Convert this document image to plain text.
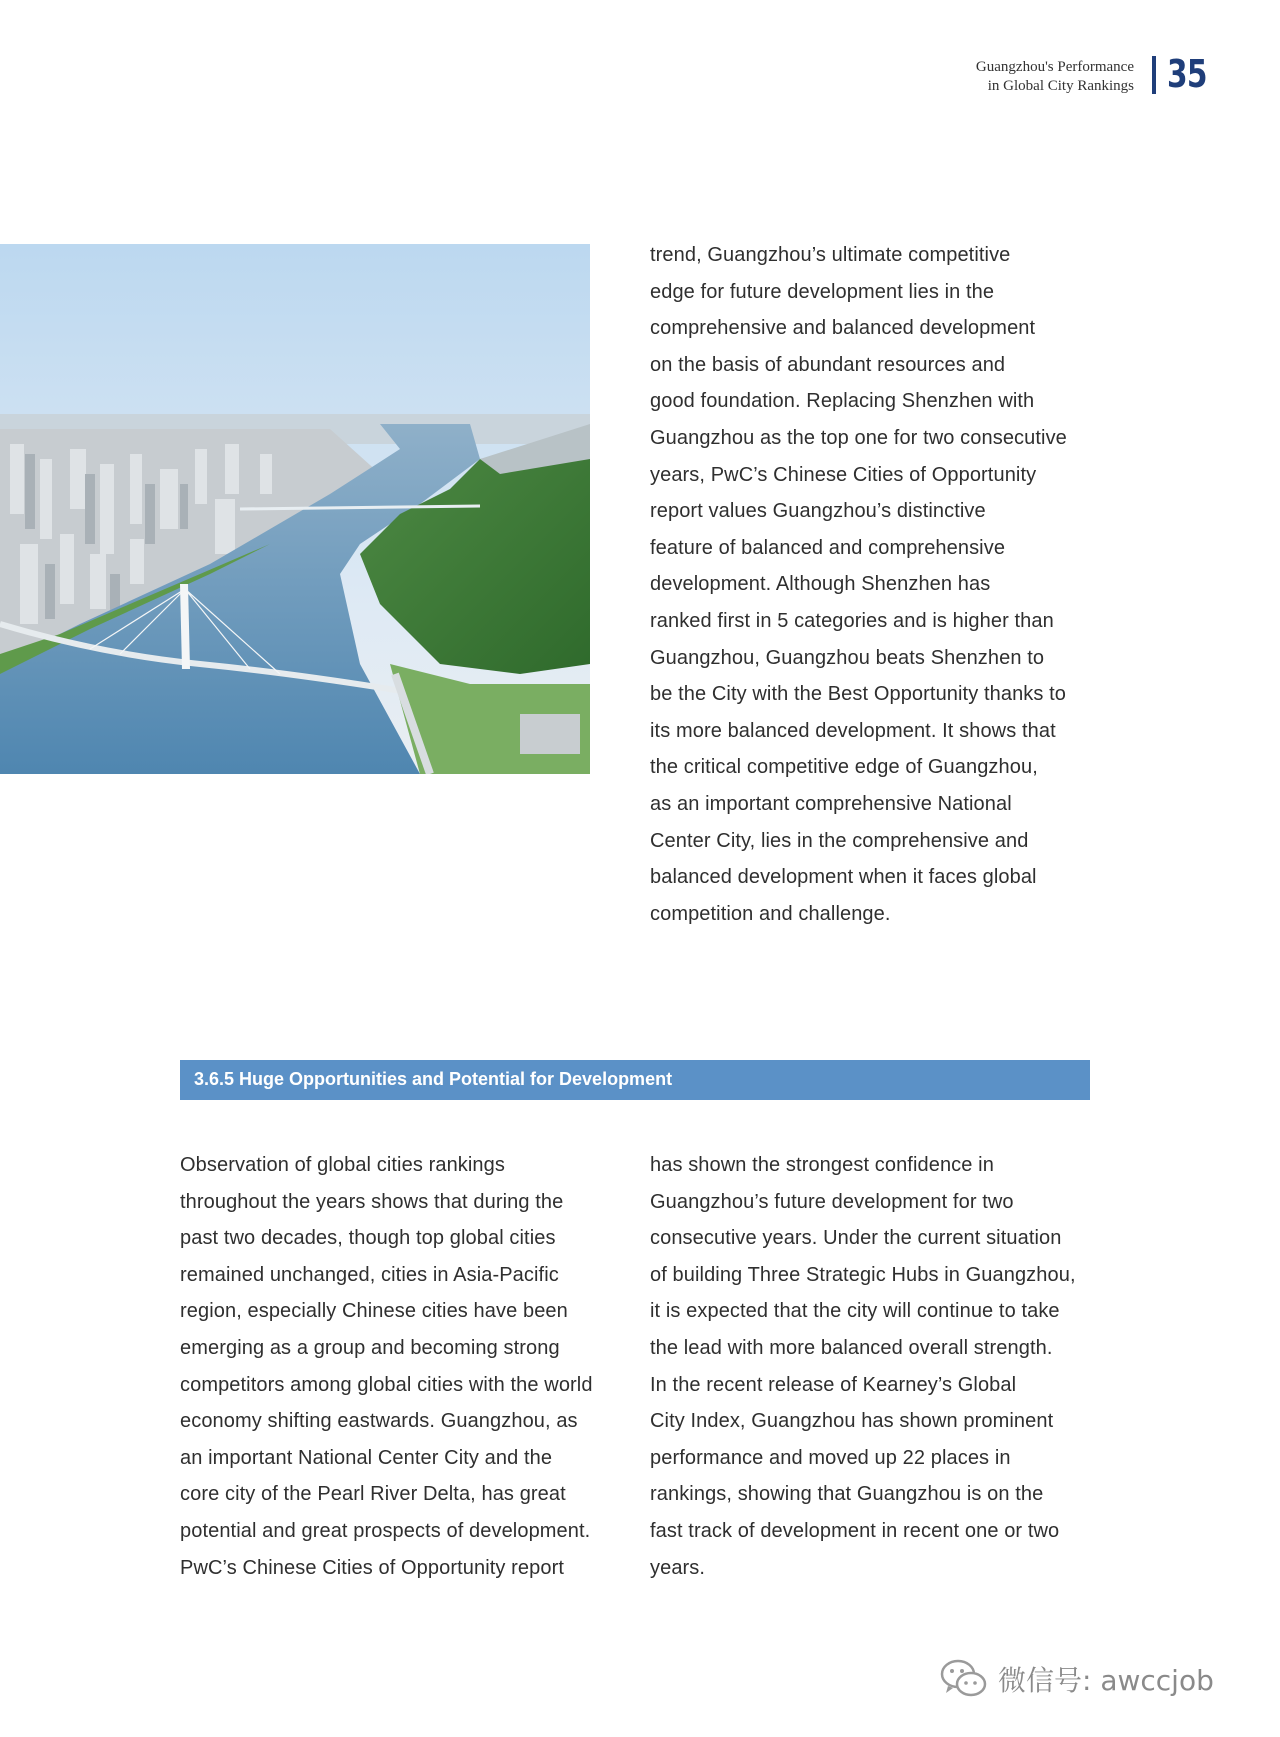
Guangzhou's Performance
in Global City Rankings 35
trend, Guangzhou’s ultimate competitive
edge for future development lies in the
comprehensive and balanced development
on the basis of abundant resources and
good foundation. Replacing Shenzhen with
Guangzhou as the top one for two consecutive
years, PwC’s Chinese Cities of Opportunity
report values Guangzhou’s distinctive
feature of balanced and comprehensive
development. Although Shenzhen has
ranked first in 5 categories and is higher than
Guangzhou, Guangzhou beats Shenzhen to
be the City with the Best Opportunity thanks to
its more balanced development. It shows that
the critical competitive edge of Guangzhou,
as an important comprehensive National
Center City, lies in the comprehensive and
balanced development when it faces global
competition and challenge.
3.6.5 Huge Opportunities and Potential for Development
Observation of global cities rankings
throughout the years shows that during the
past two decades, though top global cities
remained unchanged, cities in Asia-Pacific
region, especially Chinese cities have been
emerging as a group and becoming strong
competitors among global cities with the world
economy shifting eastwards. Guangzhou, as
an important National Center City and the
core city of the Pearl River Delta, has great
potential and great prospects of development.
PwC’s Chinese Cities of Opportunity report
has shown the strongest confidence in
Guangzhou’s future development for two
consecutive years. Under the current situation
of building Three Strategic Hubs in Guangzhou,
it is expected that the city will continue to take
the lead with more balanced overall strength.
In the recent release of Kearney’s Global
City Index, Guangzhou has shown prominent
performance and moved up 22 places in
rankings, showing that Guangzhou is on the
fast track of development in recent one or two
years.
微信号: awccjob
